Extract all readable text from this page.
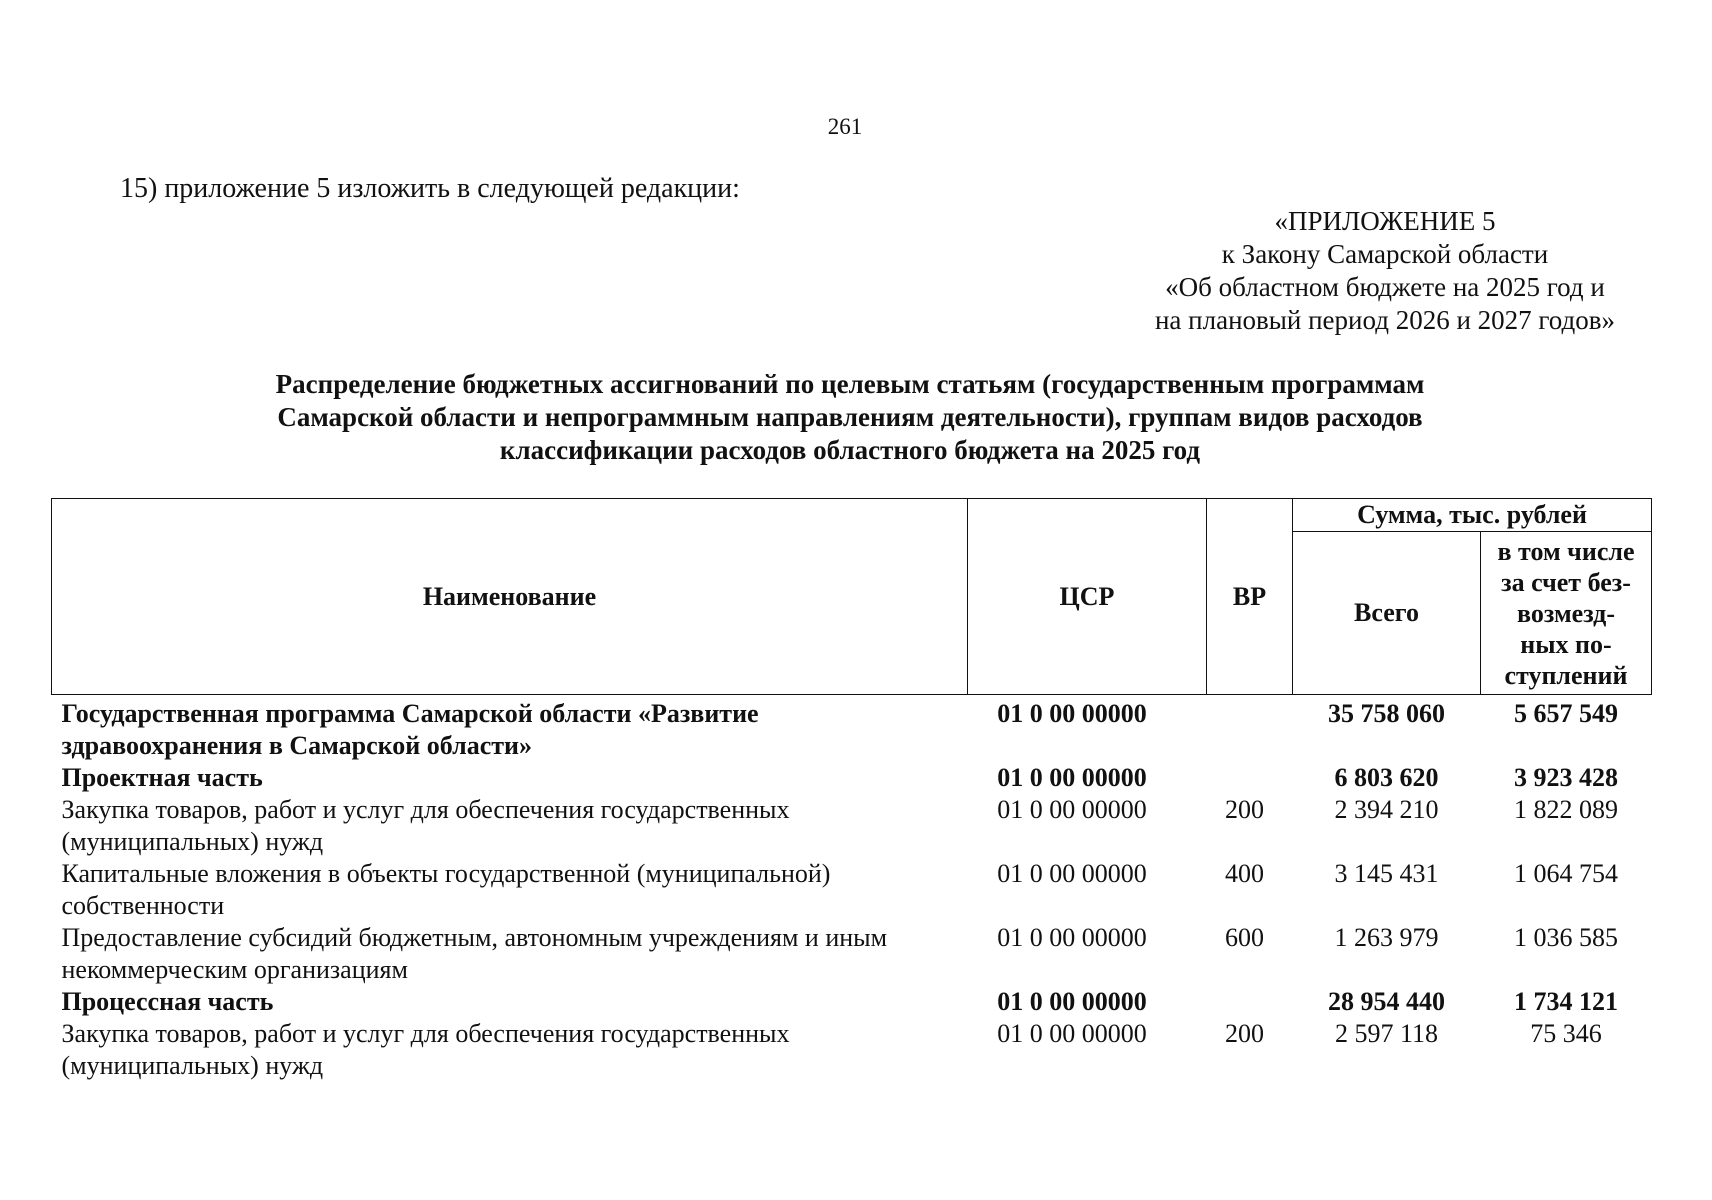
261
15) приложение 5 изложить в следующей редакции:
«ПРИЛОЖЕНИЕ 5
к Закону Самарской области
«Об областном бюджете на 2025 год и
на плановый период 2026 и 2027 годов»
Распределение бюджетных ассигнований по целевым статьям (государственным программам
Самарской области и непрограммным направлениям деятельности), группам видов расходов
классификации расходов областного бюджета на 2025 год
Наименование	ЦСР	ВР	Сумма, тыс. рублей	
			Всего	в том числе
за счет без-
возмезд-
ных по-
ступлений

Государственная программа Самарской области «Развитие здравоохранения в Самарской области»	01 0 00 00000		35 758 060	5 657 549
Проектная часть	01 0 00 00000		6 803 620	3 923 428
Закупка товаров, работ и услуг для обеспечения государственных (муниципальных) нужд	01 0 00 00000	200	2 394 210	1 822 089
Капитальные вложения в объекты государственной (муниципальной) собственности	01 0 00 00000	400	3 145 431	1 064 754
Предоставление субсидий бюджетным, автономным учреждениям и иным некоммерческим организациям	01 0 00 00000	600	1 263 979	1 036 585
Процессная часть	01 0 00 00000		28 954 440	1 734 121
Закупка товаров, работ и услуг для обеспечения государственных (муниципальных) нужд	01 0 00 00000	200	2 597 118	75 346
